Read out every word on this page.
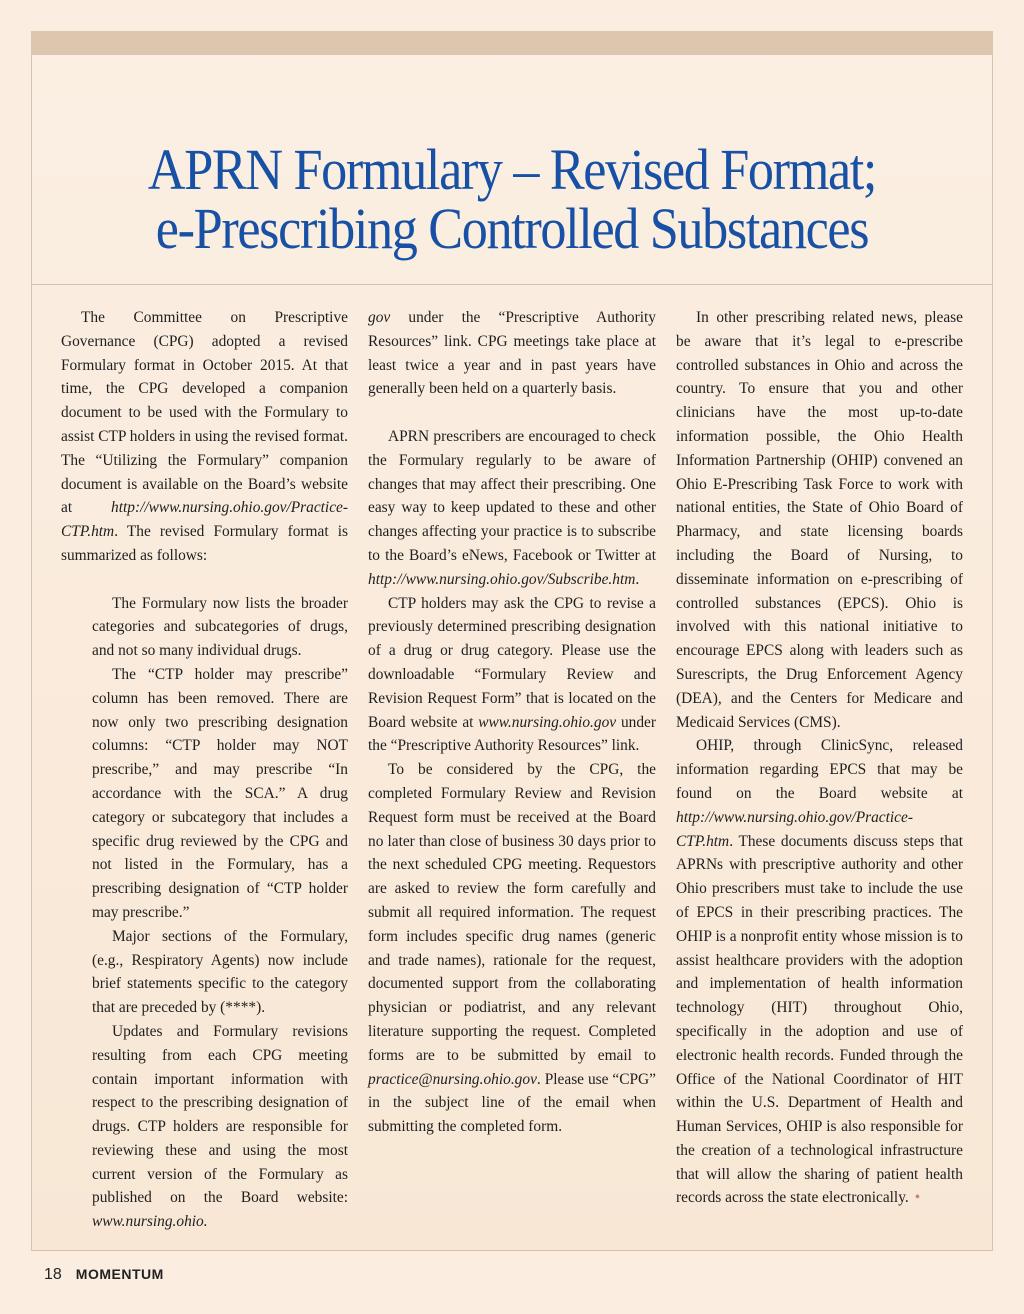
APRN Formulary – Revised Format;
e-Prescribing Controlled Substances

The Committee on Prescriptive Governance (CPG) adopted a revised Formulary format in October 2015. At that time, the CPG developed a companion document to be used with the Formulary to assist CTP holders in using the revised format. The “Utilizing the Formulary” companion document is available on the Board’s website at http://www.nursing.ohio.gov/Practice-CTP.htm. The revised Formulary format is summarized as follows:

The Formulary now lists the broader categories and subcategories of drugs, and not so many individual drugs.

The “CTP holder may prescribe” column has been removed. There are now only two prescribing designation columns: “CTP holder may NOT prescribe,” and may prescribe “In accordance with the SCA.” A drug category or subcategory that includes a specific drug reviewed by the CPG and not listed in the Formulary, has a prescribing designation of “CTP holder may prescribe.”

Major sections of the Formulary, (e.g., Respiratory Agents) now include brief statements specific to the category that are preceded by (****).

Updates and Formulary revisions resulting from each CPG meeting contain important information with respect to the prescribing designation of drugs. CTP holders are responsible for reviewing these and using the most current version of the Formulary as published on the Board website: www.nursing.ohio.

gov under the “Prescriptive Authority Resources” link. CPG meetings take place at least twice a year and in past years have generally been held on a quarterly basis.

APRN prescribers are encouraged to check the Formulary regularly to be aware of changes that may affect their prescribing. One easy way to keep updated to these and other changes affecting your practice is to subscribe to the Board’s eNews, Facebook or Twitter at http://www.nursing.ohio.gov/Subscribe.htm.

CTP holders may ask the CPG to revise a previously determined prescribing designation of a drug or drug category. Please use the downloadable “Formulary Review and Revision Request Form” that is located on the Board website at www.nursing.ohio.gov under the “Prescriptive Authority Resources” link.

To be considered by the CPG, the completed Formulary Review and Revision Request form must be received at the Board no later than close of business 30 days prior to the next scheduled CPG meeting. Requestors are asked to review the form carefully and submit all required information. The request form includes specific drug names (generic and trade names), rationale for the request, documented support from the collaborating physician or podiatrist, and any relevant literature supporting the request. Completed forms are to be submitted by email to practice@nursing.ohio.gov. Please use “CPG” in the subject line of the email when submitting the completed form.

In other prescribing related news, please be aware that it’s legal to e-prescribe controlled substances in Ohio and across the country. To ensure that you and other clinicians have the most up-to-date information possible, the Ohio Health Information Partnership (OHIP) convened an Ohio E-Prescribing Task Force to work with national entities, the State of Ohio Board of Pharmacy, and state licensing boards including the Board of Nursing, to disseminate information on e-prescribing of controlled substances (EPCS). Ohio is involved with this national initiative to encourage EPCS along with leaders such as Surescripts, the Drug Enforcement Agency (DEA), and the Centers for Medicare and Medicaid Services (CMS).

OHIP, through ClinicSync, released information regarding EPCS that may be found on the Board website at http://www.nursing.ohio.gov/Practice-CTP.htm. These documents discuss steps that APRNs with prescriptive authority and other Ohio prescribers must take to include the use of EPCS in their prescribing practices. The OHIP is a nonprofit entity whose mission is to assist healthcare providers with the adoption and implementation of health information technology (HIT) throughout Ohio, specifically in the adoption and use of electronic health records. Funded through the Office of the National Coordinator of HIT within the U.S. Department of Health and Human Services, OHIP is also responsible for the creation of a technological infrastructure that will allow the sharing of patient health records across the state electronically. •

18 MOMENTUM
